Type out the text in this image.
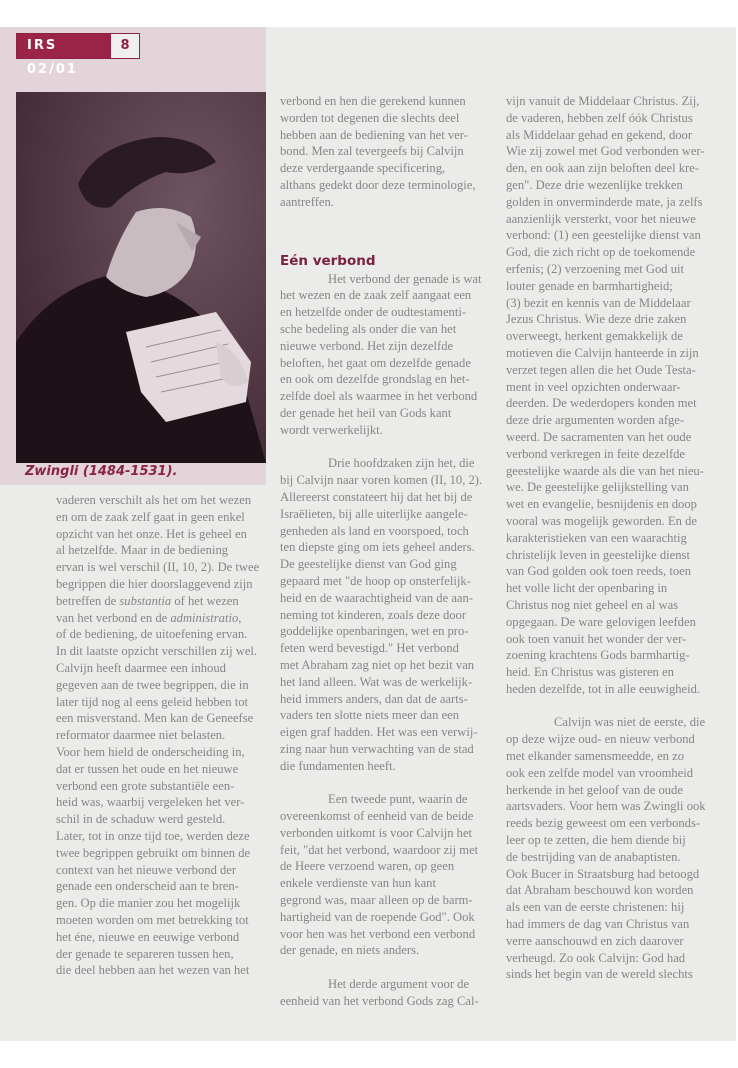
IRS 02/01
8
Zwingli (1484-1531).
vaderen verschilt als het om het wezen
en om de zaak zelf gaat in geen enkel
opzicht van het onze. Het is geheel en
al hetzelfde. Maar in de bediening
ervan is wel verschil (II, 10, 2). De twee
begrippen die hier doorslaggevend zijn
betreffen de substantia of het wezen
van het verbond en de administratio,
of de bediening, de uitoefening ervan.
In dit laatste opzicht verschillen zij wel.
Calvijn heeft daarmee een inhoud
gegeven aan de twee begrippen, die in
later tijd nog al eens geleid hebben tot
een misverstand. Men kan de Geneefse
reformator daarmee niet belasten.
Voor hem hield de onderscheiding in,
dat er tussen het oude en het nieuwe
verbond een grote substantiële een-
heid was, waarbij vergeleken het ver-
schil in de schaduw werd gesteld.
Later, tot in onze tijd toe, werden deze
twee begrippen gebruikt om binnen de
context van het nieuwe verbond der
genade een onderscheid aan te bren-
gen. Op die manier zou het mogelijk
moeten worden om met betrekking tot
het éne, nieuwe en eeuwige verbond
der genade te separeren tussen hen,
die deel hebben aan het wezen van het
verbond en hen die gerekend kunnen
worden tot degenen die slechts deel
hebben aan de bediening van het ver-
bond. Men zal tevergeefs bij Calvijn
deze verdergaande specificering,
althans gedekt door deze terminologie,
aantreffen.
Eén verbond
Het verbond der genade is wat
het wezen en de zaak zelf aangaat een
en hetzelfde onder de oudtestamenti-
sche bedeling als onder die van het
nieuwe verbond. Het zijn dezelfde
beloften, het gaat om dezelfde genade
en ook om dezelfde grondslag en het-
zelfde doel als waarmee in het verbond
der genade het heil van Gods kant
wordt verwerkelijkt.
Drie hoofdzaken zijn het, die
bij Calvijn naar voren komen (II, 10, 2).
Allereerst constateert hij dat het bij de
Israëlieten, bij alle uiterlijke aangele-
genheden als land en voorspoed, toch
ten diepste ging om iets geheel anders.
De geestelijke dienst van God ging
gepaard met "de hoop op onsterfelijk-
heid en de waarachtigheid van de aan-
neming tot kinderen, zoals deze door
goddelijke openbaringen, wet en pro-
feten werd bevestigd." Het verbond
met Abraham zag niet op het bezit van
het land alleen. Wat was de werkelijk-
heid immers anders, dan dat de aarts-
vaders ten slotte niets meer dan een
eigen graf hadden. Het was een verwij-
zing naar hun verwachting van de stad
die fundamenten heeft.
Een tweede punt, waarin de
overeenkomst of eenheid van de beide
verbonden uitkomt is voor Calvijn het
feit, "dat het verbond, waardoor zij met
de Heere verzoend waren, op geen
enkele verdienste van hun kant
gegrond was, maar alleen op de barm-
hartigheid van de roepende God". Ook
voor hen was het verbond een verbond
der genade, en niets anders.
Het derde argument voor de
eenheid van het verbond Gods zag Cal-
vijn vanuit de Middelaar Christus. Zij,
de vaderen, hebben zelf óók Christus
als Middelaar gehad en gekend, door
Wie zij zowel met God verbonden wer-
den, en ook aan zijn beloften deel kre-
gen". Deze drie wezenlijke trekken
golden in onverminderde mate, ja zelfs
aanzienlijk versterkt, voor het nieuwe
verbond: (1) een geestelijke dienst van
God, die zich richt op de toekomende
erfenis; (2) verzoening met God uit
louter genade en barmhartigheid;
(3) bezit en kennis van de Middelaar
Jezus Christus. Wie deze drie zaken
overweegt, herkent gemakkelijk de
motieven die Calvijn hanteerde in zijn
verzet tegen allen die het Oude Testa-
ment in veel opzichten onderwaar-
deerden. De wederdopers konden met
deze drie argumenten worden afge-
weerd. De sacramenten van het oude
verbond verkregen in feite dezelfde
geestelijke waarde als die van het nieu-
we. De geestelijke gelijkstelling van
wet en evangelie, besnijdenis en doop
vooral was mogelijk geworden. En de
karakteristieken van een waarachtig
christelijk leven in geestelijke dienst
van God golden ook toen reeds, toen
het volle licht der openbaring in
Christus nog niet geheel en al was
opgegaan. De ware gelovigen leefden
ook toen vanuit het wonder der ver-
zoening krachtens Gods barmhartig-
heid. En Christus was gisteren en
heden dezelfde, tot in alle eeuwigheid.
Calvijn was niet de eerste, die
op deze wijze oud- en nieuw verbond
met elkander samensmeedde, en zo
ook een zelfde model van vroomheid
herkende in het geloof van de oude
aartsvaders. Voor hem was Zwingli ook
reeds bezig geweest om een verbonds-
leer op te zetten, die hem diende bij
de bestrijding van de anabaptisten.
Ook Bucer in Straatsburg had betoogd
dat Abraham beschouwd kon worden
als een van de eerste christenen: hij
had immers de dag van Christus van
verre aanschouwd en zich daarover
verheugd. Zo ook Calvijn: God had
sinds het begin van de wereld slechts
